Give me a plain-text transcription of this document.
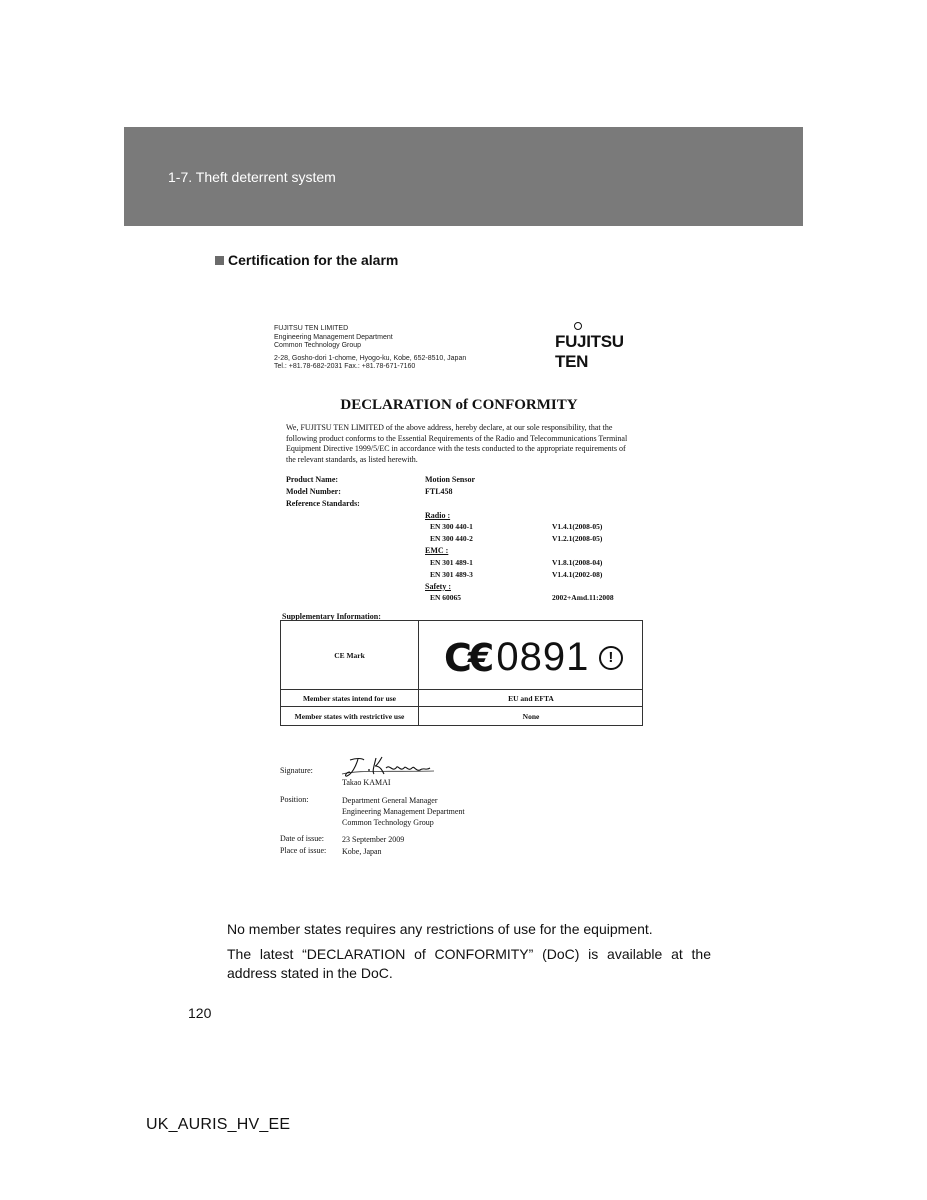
1-7. Theft deterrent system
Certification for the alarm
FUJITSU TEN LIMITED
Engineering Management Department
Common Technology Group
2-28, Gosho-dori 1-chome, Hyogo-ku, Kobe, 652-8510, Japan
Tel.: +81.78-682-2031 Fax.: +81.78-671-7160
FUJITSU TEN
DECLARATION of CONFORMITY
We, FUJITSU TEN LIMITED of the above address, hereby declare, at our sole responsibility, that the following product conforms to the Essential Requirements of the Radio and Telecommunications Terminal Equipment Directive 1999/5/EC in accordance with the tests conducted to the appropriate requirements of the relevant standards, as listed herewith.
Product Name:	Motion Sensor
Model Number:	FTL458
Reference Standards:
Radio :
EN 300 440-1	V1.4.1(2008-05)
EN 300 440-2	V1.2.1(2008-05)
EMC :
EN 301 489-1	V1.8.1(2008-04)
EN 301 489-3	V1.4.1(2002-08)
Safety :
EN 60065	2002+Amd.11:2008
Supplementary Information:
CE Mark C€ 0891	!
Member states intend for use	EU and EFTA
Member states with restrictive use	None
Signature:
Takao KAMAI
Position:	Department General Manager
Engineering Management Department
Common Technology Group
Date of issue: 23 September 2009
Place of issue: Kobe, Japan
No member states requires any restrictions of use for the equipment.
The latest “DECLARATION of CONFORMITY” (DoC) is available at the
address stated in the DoC.
120
UK_AURIS_HV_EE
